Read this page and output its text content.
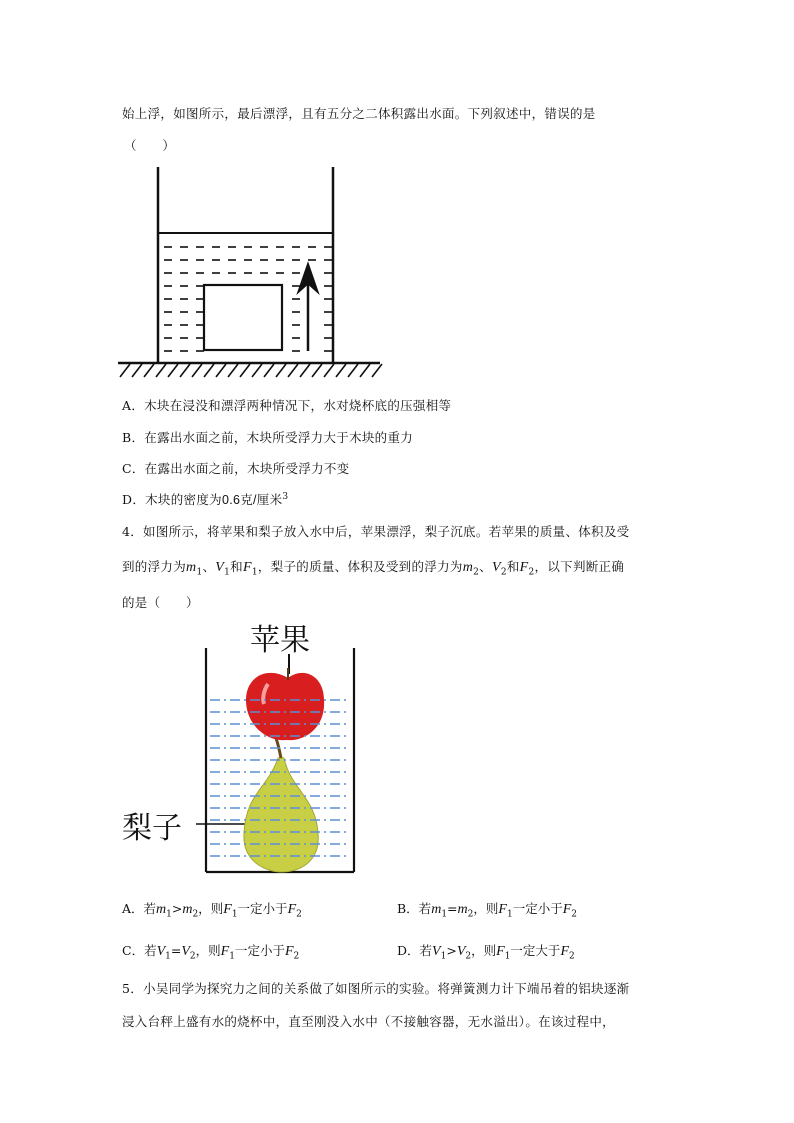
始上浮，如图所示，最后漂浮，且有五分之二体积露出水面。下列叙述中，错误的是
（　　）
A．木块在浸没和漂浮两种情况下，水对烧杯底的压强相等
B．在露出水面之前，木块所受浮力大于木块的重力
C．在露出水面之前，木块所受浮力不变
D．木块的密度为0.6克/厘米$^3$
4．如图所示，将苹果和梨子放入水中后，苹果漂浮，梨子沉底。若苹果的质量、体积及受
到的浮力为$m_1$、$V_1$和$F_1$，梨子的质量、体积及受到的浮力为$m_2$、$V_2$和$F_2$，以下判断正确
的是（　　）
苹果
梨子
A．若$m_1>m_2$，则$F_1$一定小于$F_2$	B．若$m_1=m_2$，则$F_1$一定小于$F_2$
C．若$V_1=V_2$，则$F_1$一定小于$F_2$	D．若$V_1>V_2$，则$F_1$一定大于$F_2$
5．小吴同学为探究力之间的关系做了如图所示的实验。将弹簧测力计下端吊着的铝块逐渐
浸入台秤上盛有水的烧杯中，直至刚没入水中（不接触容器，无水溢出）。在该过程中，
